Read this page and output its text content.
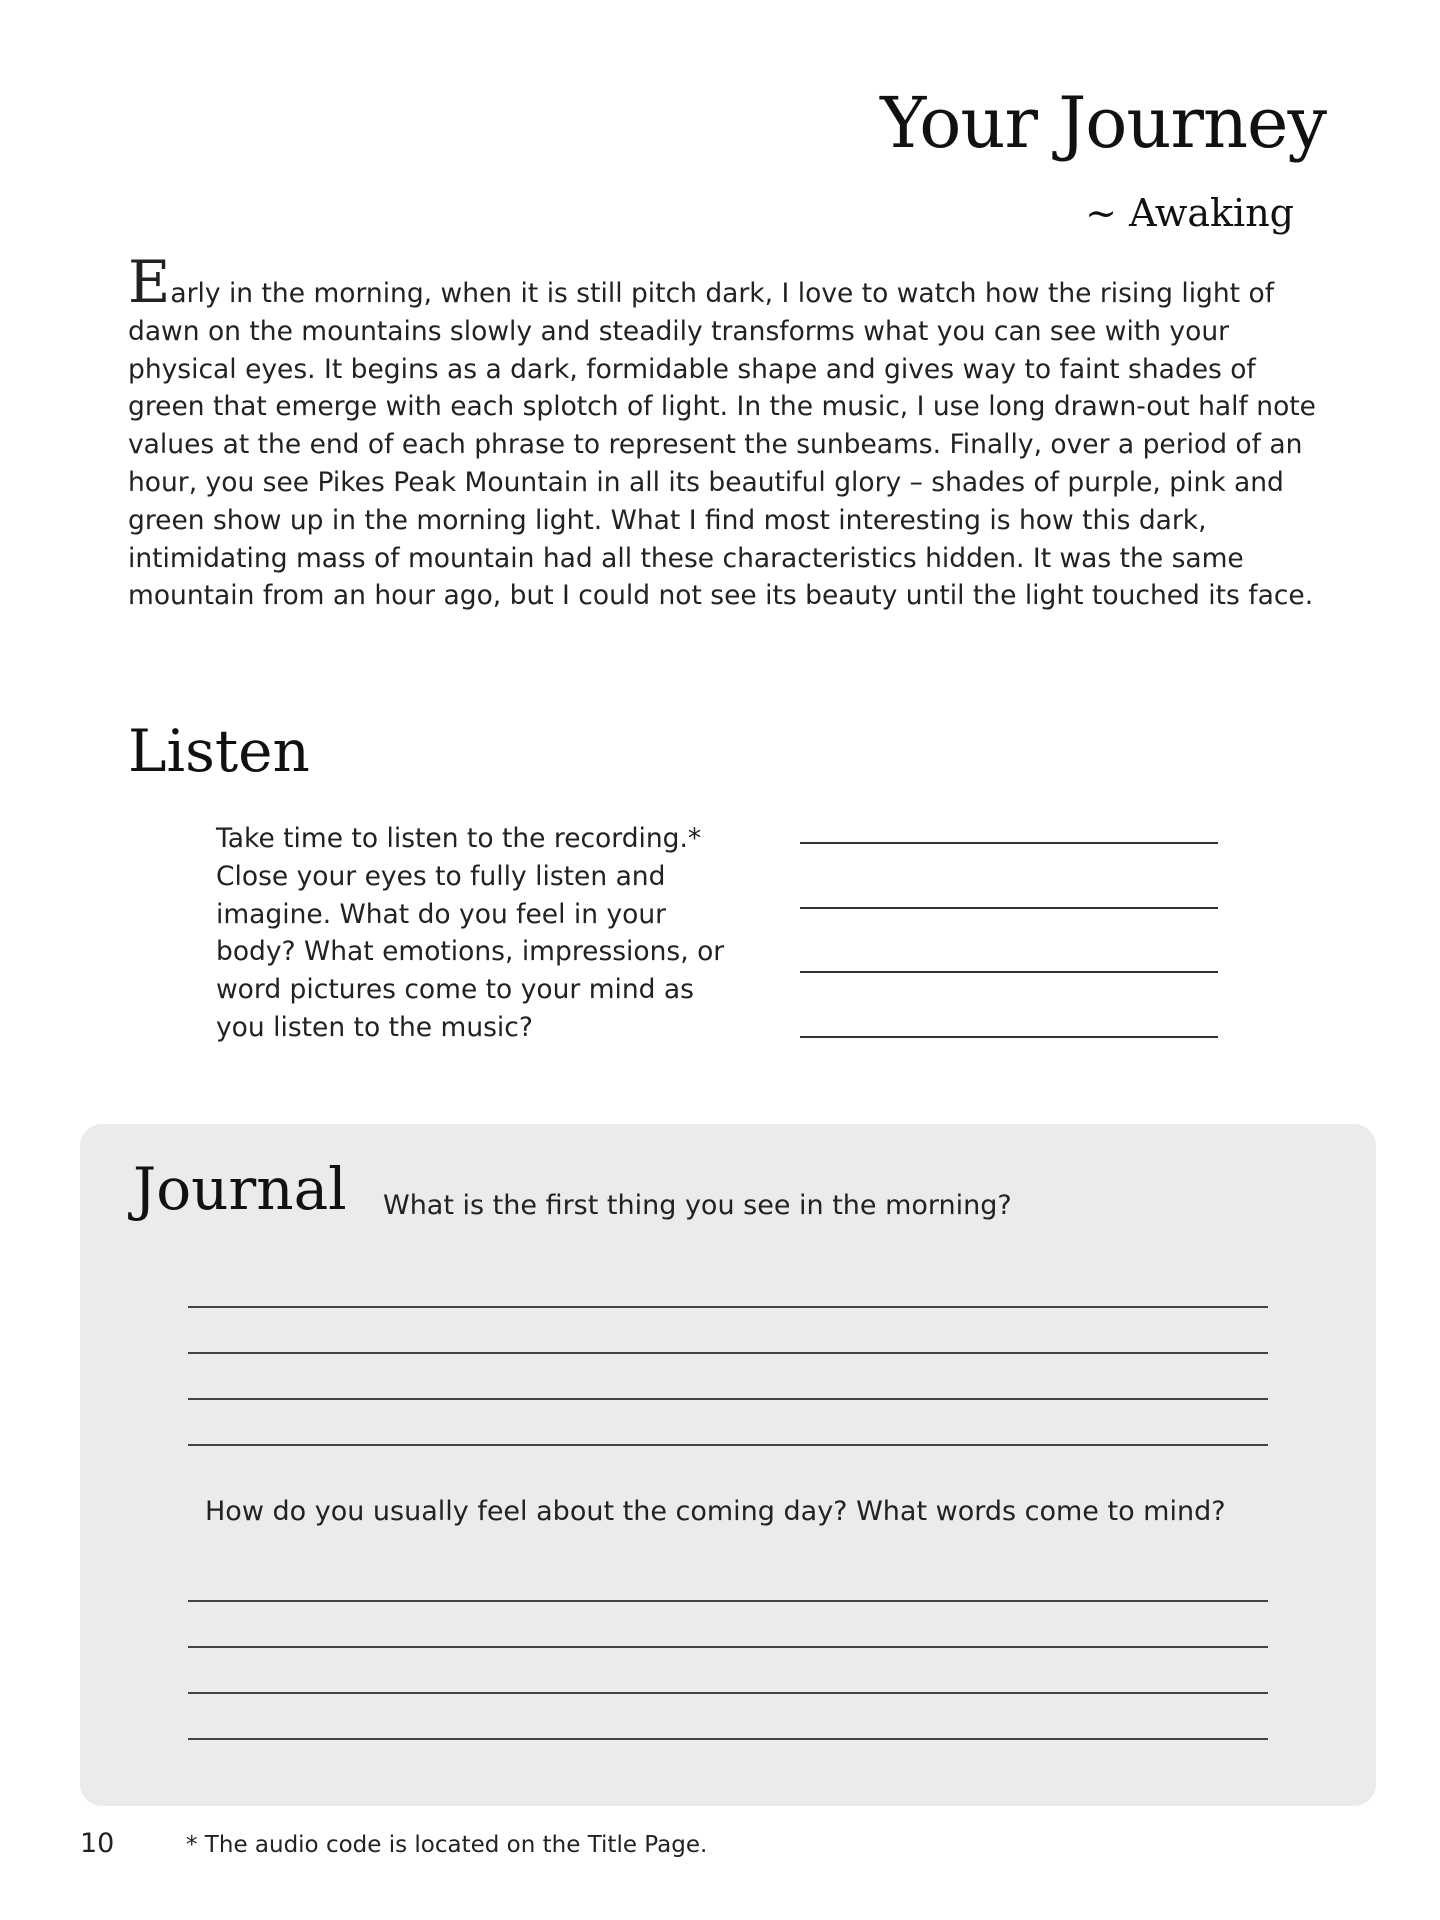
Your Journey

~ Awaking

Early in the morning, when it is still pitch dark, I love to watch how the rising light of dawn on the mountains slowly and steadily transforms what you can see with your physical eyes. It begins as a dark, formidable shape and gives way to faint shades of green that emerge with each splotch of light. In the music, I use long drawn-out half note values at the end of each phrase to represent the sunbeams. Finally, over a period of an hour, you see Pikes Peak Mountain in all its beautiful glory – shades of purple, pink and green show up in the morning light. What I find most interesting is how this dark, intimidating mass of mountain had all these characteristics hidden. It was the same mountain from an hour ago, but I could not see its beauty until the light touched its face.

Listen

Take time to listen to the recording.* Close your eyes to fully listen and imagine. What do you feel in your body? What emotions, impressions, or word pictures come to your mind as you listen to the music?

Journal What is the first thing you see in the morning?

How do you usually feel about the coming day? What words come to mind?

10	* The audio code is located on the Title Page.
